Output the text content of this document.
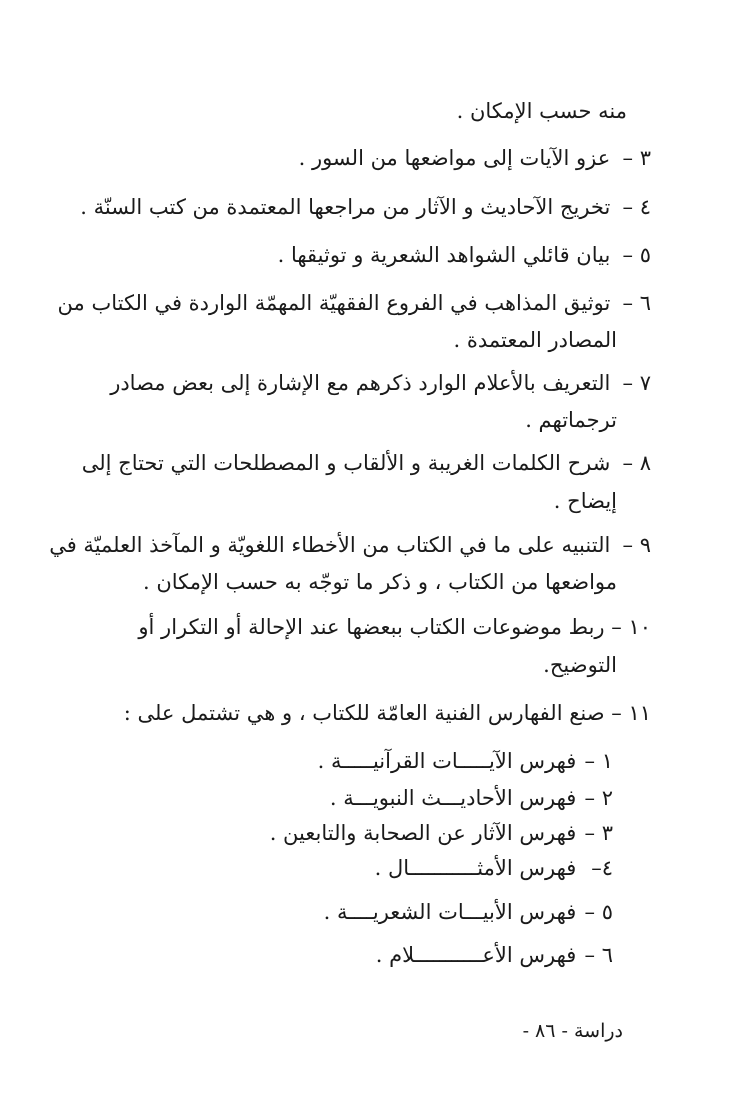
منه حسب الإمكان .
٣ – عزو الآيات إلى مواضعها من السور .
٤ – تخريج الآحاديث و الآثار من مراجعها المعتمدة من كتب السنّة .
٥ – بيان قائلي الشواهد الشعرية و توثيقها .
٦ – توثيق المذاهب في الفروع الفقهيّة المهمّة الواردة في الكتاب من
المصادر المعتمدة .
٧ – التعريف بالأعلام الوارد ذكرهم مع الإشارة إلى بعض مصادر
ترجماتهم .
٨ – شرح الكلمات الغريبة و الألقاب و المصطلحات التي تحتاج إلى
إيضاح .
٩ – التنبيه على ما في الكتاب من الأخطاء اللغويّة و المآخذ العلميّة في
مواضعها من الكتاب ، و ذكر ما توجّه به حسب الإمكان .
١٠ – ربط موضوعات الكتاب ببعضها عند الإحالة أو التكرار أو
التوضيح.
١١ – صنع الفهارس الفنية العامّة للكتاب ، و هي تشتمل على :
١ – فهرس الآيـــــات القرآنيـــــة .
٢ – فهرس الأحاديـــث النبويـــة .
٣ – فهرس الآثار عن الصحابة والتابعين .
٤– فهرس الأمثـــــــــــال .
٥ – فهرس الأبيـــات الشعريــــة .
٦ – فهرس الأعـــــــــــلام .
دراسة - ٨٦ -
